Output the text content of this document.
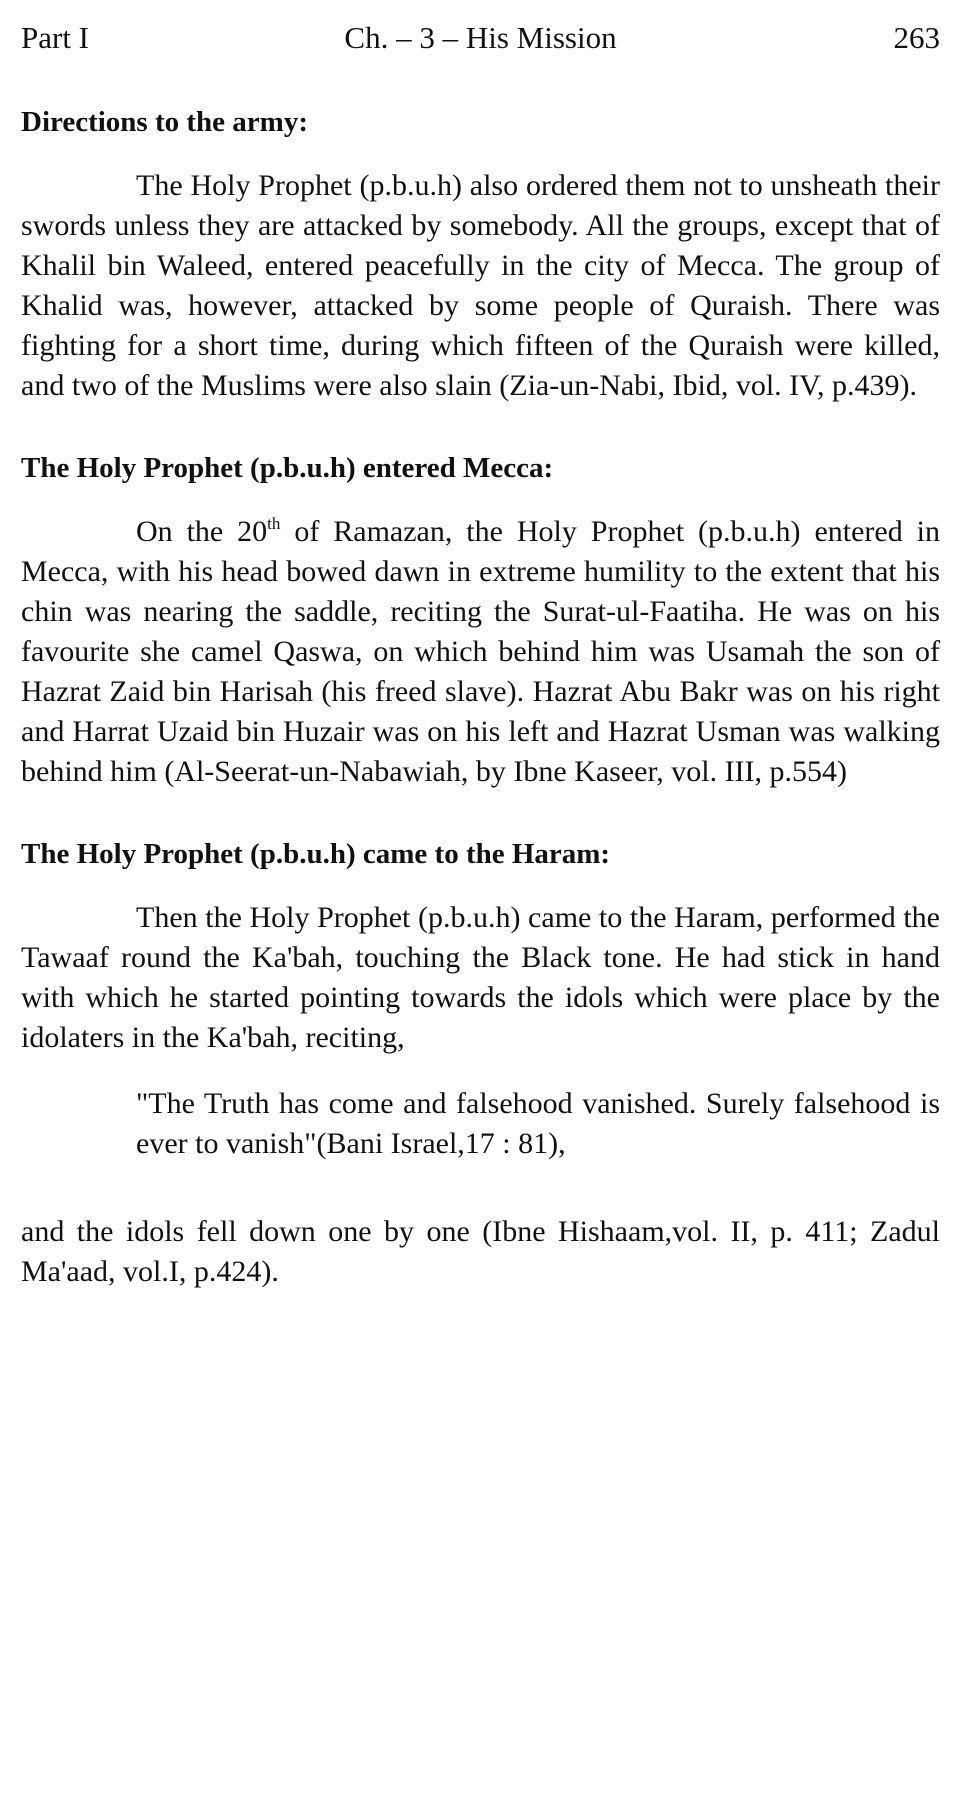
Part I	Ch. – 3 – His Mission	263
Directions to the army:

The Holy Prophet (p.b.u.h) also ordered them not to unsheath their swords unless they are attacked by somebody. All the groups, except that of Khalil bin Waleed, entered peacefully in the city of Mecca. The group of Khalid was, however, attacked by some people of Quraish. There was fighting for a short time, during which fifteen of the Quraish were killed, and two of the Muslims were also slain (Zia-un-Nabi, Ibid, vol. IV, p.439).

The Holy Prophet (p.b.u.h) entered Mecca:

On the 20th of Ramazan, the Holy Prophet (p.b.u.h) entered in Mecca, with his head bowed dawn in extreme humility to the extent that his chin was nearing the saddle, reciting the Surat-ul-Faatiha. He was on his favourite she camel Qaswa, on which behind him was Usamah the son of Hazrat Zaid bin Harisah (his freed slave). Hazrat Abu Bakr was on his right and Harrat Uzaid bin Huzair was on his left and Hazrat Usman was walking behind him (Al-Seerat-un-Nabawiah, by Ibne Kaseer, vol. III, p.554)

The Holy Prophet (p.b.u.h) came to the Haram:

Then the Holy Prophet (p.b.u.h) came to the Haram, performed the Tawaaf round the Ka'bah, touching the Black tone. He had stick in hand with which he started pointing towards the idols which were place by the idolaters in the Ka'bah, reciting,

"The Truth has come and falsehood vanished. Surely falsehood is ever to vanish"(Bani Israel,17 : 81),

and the idols fell down one by one (Ibne Hishaam,vol. II, p. 411; Zadul Ma'aad, vol.I, p.424).
